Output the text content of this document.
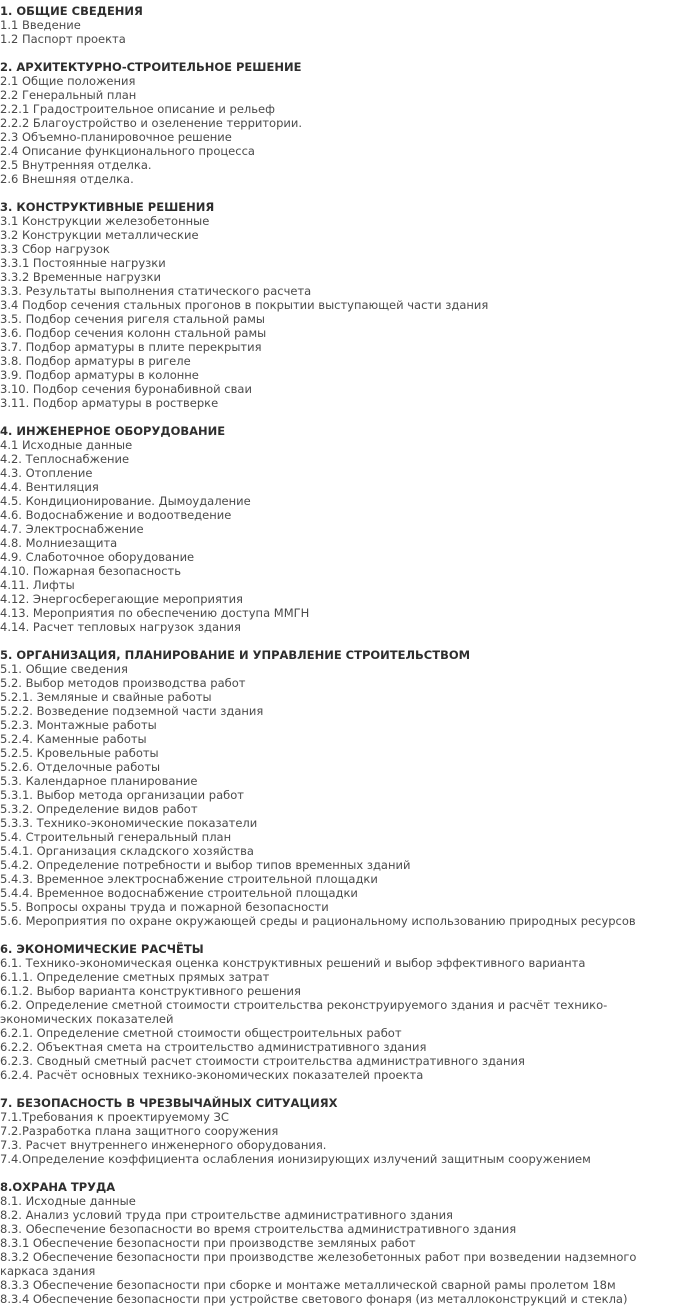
1. ОБЩИЕ СВЕДЕНИЯ
1.1 Введение
1.2 Паспорт проекта
2. АРХИТЕКТУРНО-СТРОИТЕЛЬНОЕ РЕШЕНИЕ
2.1 Общие положения
2.2 Генеральный план
2.2.1 Градостроительное описание и рельеф
2.2.2 Благоустройство и озеленение территории.
2.3 Объемно-планировочное решение
2.4 Описание функционального процесса
2.5 Внутренняя отделка.
2.6 Внешняя отделка.
3. КОНСТРУКТИВНЫЕ РЕШЕНИЯ
3.1 Конструкции железобетонные
3.2 Конструкции металлические
3.3 Сбор нагрузок
3.3.1 Постоянные нагрузки
3.3.2 Временные нагрузки
3.3. Результаты выполнения статического расчета
3.4 Подбор сечения стальных прогонов в покрытии выступающей части здания
3.5. Подбор сечения ригеля стальной рамы
3.6. Подбор сечения колонн стальной рамы
3.7. Подбор арматуры в плите перекрытия
3.8. Подбор арматуры в ригеле
3.9. Подбор арматуры в колонне
3.10. Подбор сечения буронабивной сваи
3.11. Подбор арматуры в ростверке
4. ИНЖЕНЕРНОЕ ОБОРУДОВАНИЕ
4.1 Исходные данные
4.2. Теплоснабжение
4.3. Отопление
4.4. Вентиляция
4.5. Кондиционирование. Дымоудаление
4.6. Водоснабжение и водоотведение
4.7. Электроснабжение
4.8. Молниезащита
4.9. Слаботочное оборудование
4.10. Пожарная безопасность
4.11. Лифты
4.12. Энергосберегающие мероприятия
4.13. Мероприятия по обеспечению доступа ММГН
4.14. Расчет тепловых нагрузок здания
5. ОРГАНИЗАЦИЯ, ПЛАНИРОВАНИЕ И УПРАВЛЕНИЕ СТРОИТЕЛЬСТВОМ
5.1. Общие сведения
5.2. Выбор методов производства работ
5.2.1. Земляные и свайные работы
5.2.2. Возведение подземной части здания
5.2.3. Монтажные работы
5.2.4. Каменные работы
5.2.5. Кровельные работы
5.2.6. Отделочные работы
5.3. Календарное планирование
5.3.1. Выбор метода организации работ
5.3.2. Определение видов работ
5.3.3. Технико-экономические показатели
5.4. Строительный генеральный план
5.4.1. Организация складского хозяйства
5.4.2. Определение потребности и выбор типов временных зданий
5.4.3. Временное электроснабжение строительной площадки
5.4.4. Временное водоснабжение строительной площадки
5.5. Вопросы охраны труда и пожарной безопасности
5.6. Мероприятия по охране окружающей среды и рациональному использованию природных ресурсов
6. ЭКОНОМИЧЕСКИЕ РАСЧЁТЫ
6.1. Технико-экономическая оценка конструктивных решений и выбор эффективного варианта
6.1.1. Определение сметных прямых затрат
6.1.2. Выбор варианта конструктивного решения
6.2. Определение сметной стоимости строительства реконструируемого здания и расчёт технико-экономических показателей
6.2.1. Определение сметной стоимости общестроительных работ
6.2.2. Объектная смета на строительство административного здания
6.2.3. Сводный сметный расчет стоимости строительства административного здания
6.2.4. Расчёт основных технико-экономических показателей проекта
7. БЕЗОПАСНОСТЬ В ЧРЕЗВЫЧАЙНЫХ СИТУАЦИЯХ
7.1.Требования к проектируемому ЗС
7.2.Разработка плана защитного сооружения
7.3. Расчет внутреннего инженерного оборудования.
7.4.Определение коэффициента ослабления ионизирующих излучений защитным сооружением
8.ОХРАНА ТРУДА
8.1. Исходные данные
8.2. Анализ условий труда при строительстве административного здания
8.3. Обеспечение безопасности во время строительства административного здания
8.3.1 Обеспечение безопасности при производстве земляных работ
8.3.2 Обеспечение безопасности при производстве железобетонных работ при возведении надземного каркаса здания
8.3.3 Обеспечение безопасности при сборке и монтаже металлической сварной рамы пролетом 18м
8.3.4 Обеспечение безопасности при устройстве светового фонаря (из металлоконструкций и стекла)
